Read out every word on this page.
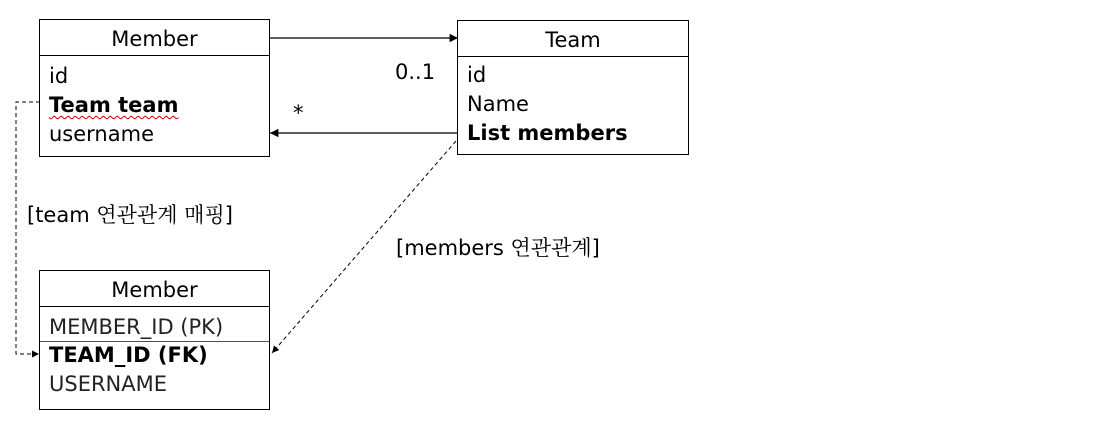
Member
id
Team team
username
Team
id
Name
List members
Member
MEMBER_ID (PK)
TEAM_ID (FK)
USERNAME
0..1
*
[team 연관관계 매핑]
[members 연관관계]
